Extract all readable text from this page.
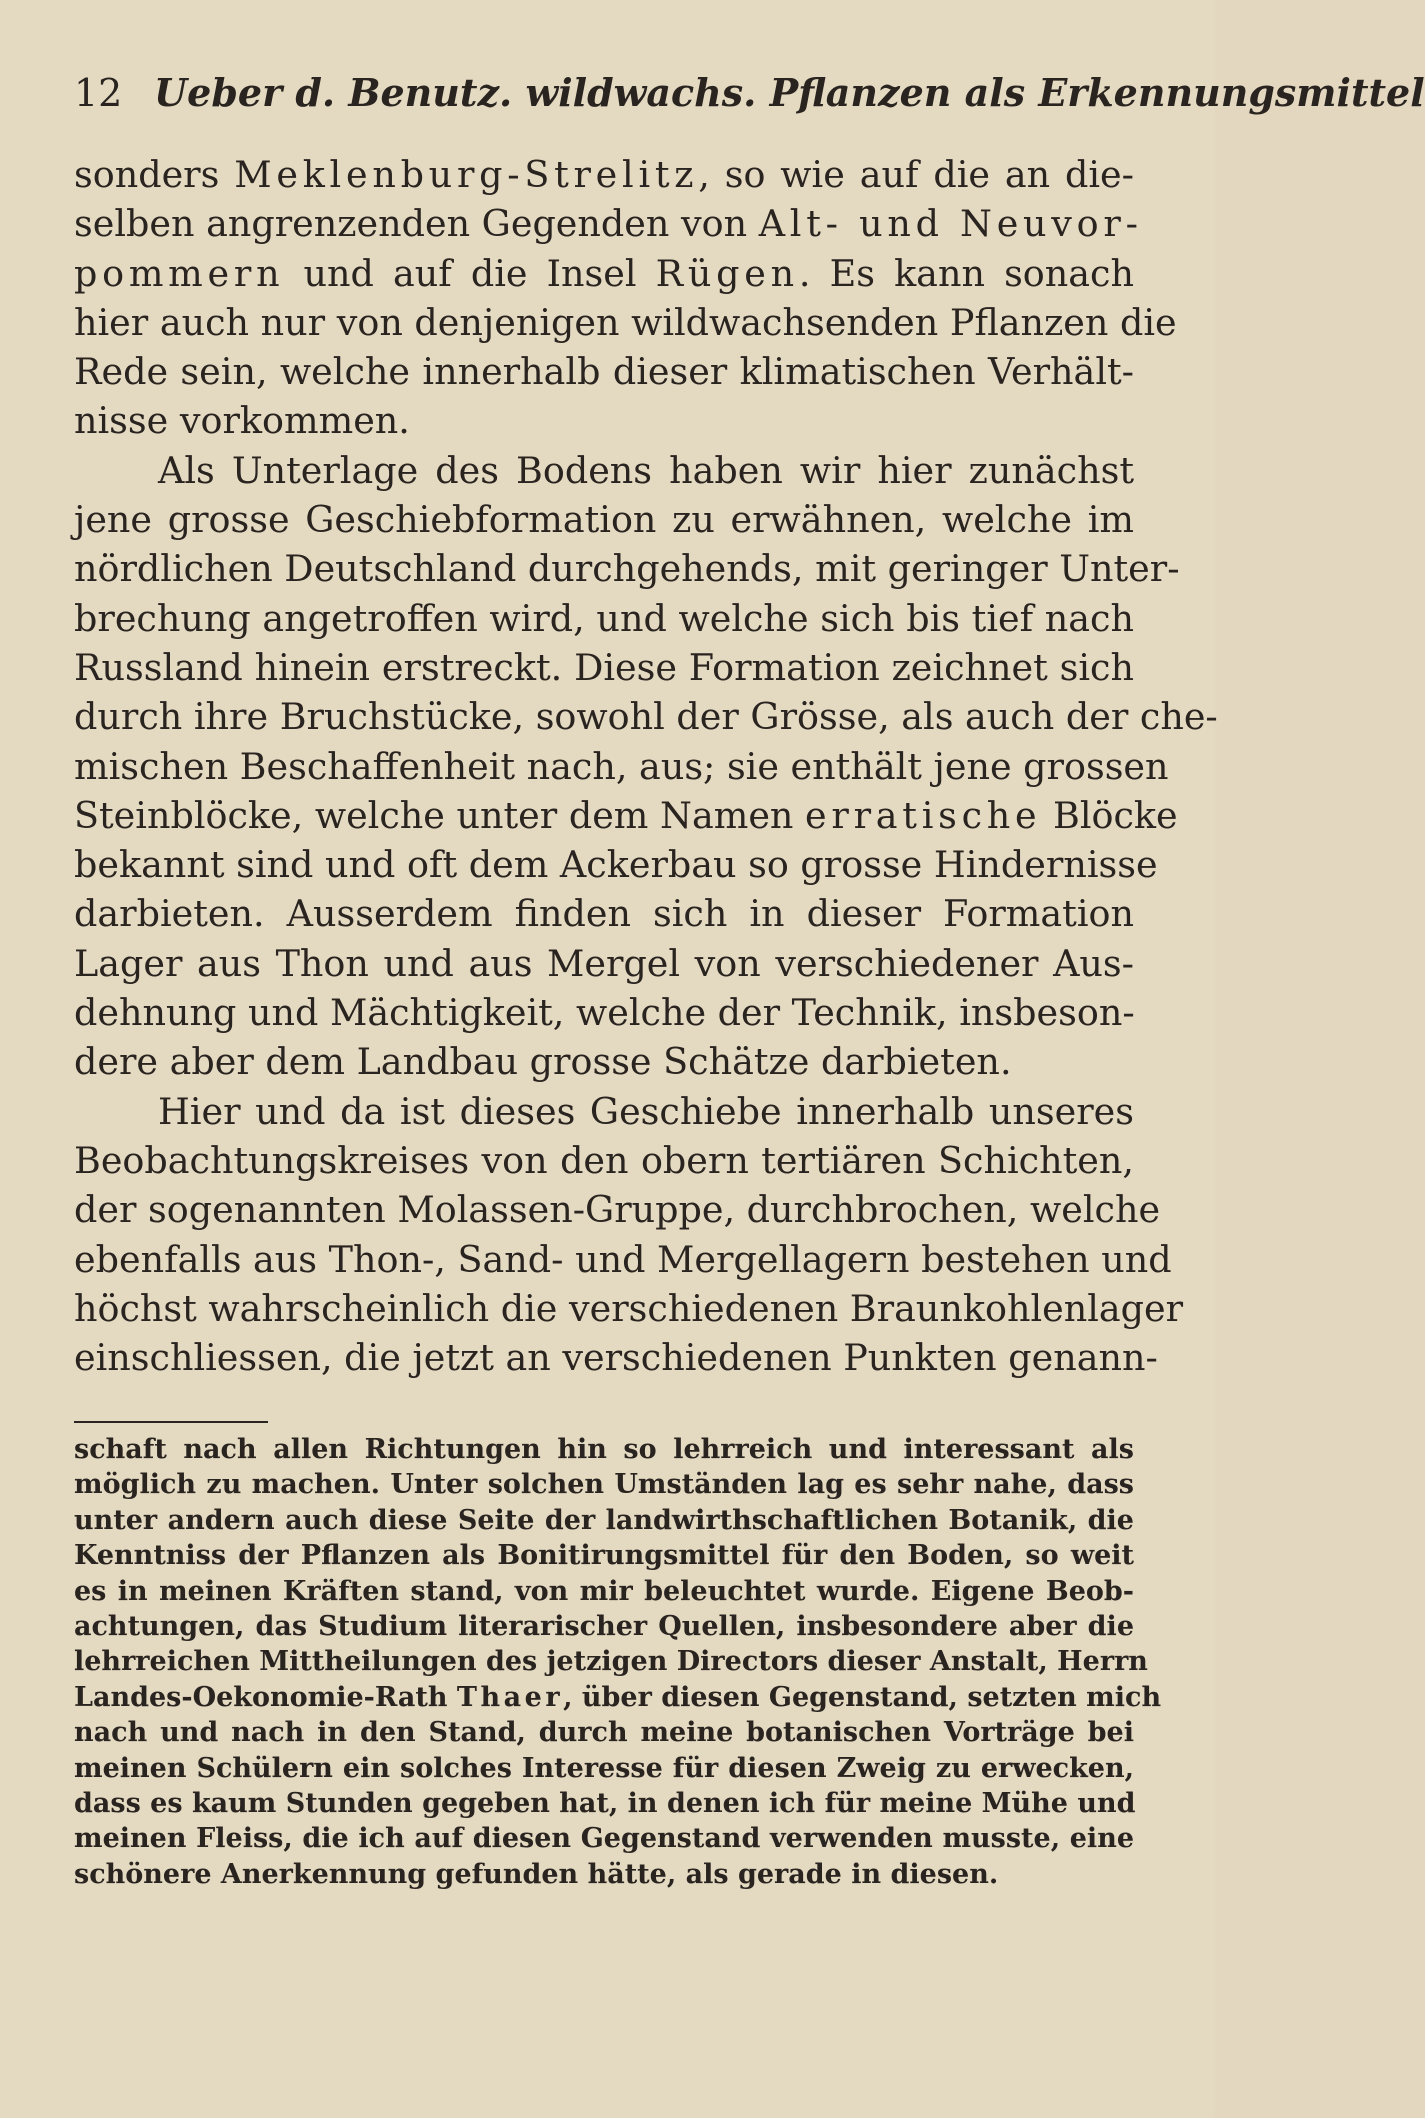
12 Ueber d. Benutz. wildwachs. Pflanzen als Erkennungsmittel
sonders Meklenburg-Strelitz, so wie auf die an die-
selben angrenzenden Gegenden von Alt- und Neuvor-
pommern und auf die Insel Rügen. Es kann sonach
hier auch nur von denjenigen wildwachsenden Pflanzen die
Rede sein, welche innerhalb dieser klimatischen Verhält-
nisse vorkommen.
Als Unterlage des Bodens haben wir hier zunächst
jene grosse Geschiebformation zu erwähnen, welche im
nördlichen Deutschland durchgehends, mit geringer Unter-
brechung angetroffen wird, und welche sich bis tief nach
Russland hinein erstreckt. Diese Formation zeichnet sich
durch ihre Bruchstücke, sowohl der Grösse, als auch der che-
mischen Beschaffenheit nach, aus; sie enthält jene grossen
Steinblöcke, welche unter dem Namen erratische Blöcke
bekannt sind und oft dem Ackerbau so grosse Hindernisse
darbieten. Ausserdem finden sich in dieser Formation
Lager aus Thon und aus Mergel von verschiedener Aus-
dehnung und Mächtigkeit, welche der Technik, insbeson-
dere aber dem Landbau grosse Schätze darbieten.
Hier und da ist dieses Geschiebe innerhalb unseres
Beobachtungskreises von den obern tertiären Schichten,
der sogenannten Molassen-Gruppe, durchbrochen, welche
ebenfalls aus Thon-, Sand- und Mergellagern bestehen und
höchst wahrscheinlich die verschiedenen Braunkohlenlager
einschliessen, die jetzt an verschiedenen Punkten genann-
schaft nach allen Richtungen hin so lehrreich und interessant als
möglich zu machen. Unter solchen Umständen lag es sehr nahe, dass
unter andern auch diese Seite der landwirthschaftlichen Botanik, die
Kenntniss der Pflanzen als Bonitirungsmittel für den Boden, so weit
es in meinen Kräften stand, von mir beleuchtet wurde. Eigene Beob-
achtungen, das Studium literarischer Quellen, insbesondere aber die
lehrreichen Mittheilungen des jetzigen Directors dieser Anstalt, Herrn
Landes-Oekonomie-Rath Thaer, über diesen Gegenstand, setzten mich
nach und nach in den Stand, durch meine botanischen Vorträge bei
meinen Schülern ein solches Interesse für diesen Zweig zu erwecken,
dass es kaum Stunden gegeben hat, in denen ich für meine Mühe und
meinen Fleiss, die ich auf diesen Gegenstand verwenden musste, eine
schönere Anerkennung gefunden hätte, als gerade in diesen.
